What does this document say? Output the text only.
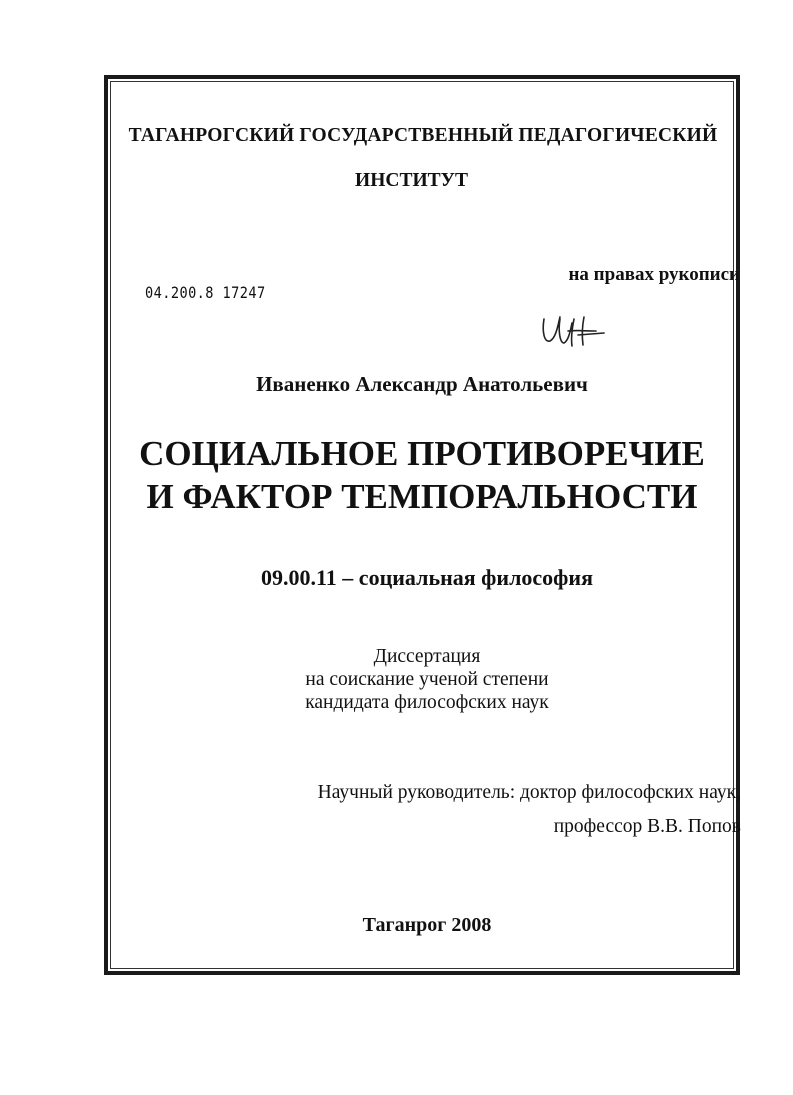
ТАГАНРОГСКИЙ ГОСУДАРСТВЕННЫЙ ПЕДАГОГИЧЕСКИЙ
ИНСТИТУТ
на правах рукописи
04.200.8 17247
Иваненко Александр Анатольевич
СОЦИАЛЬНОЕ ПРОТИВОРЕЧИЕ
И ФАКТОР ТЕМПОРАЛЬНОСТИ
09.00.11 – социальная философия
Диссертация
на соискание ученой степени
кандидата философских наук
Научный руководитель: доктор философских наук,
профессор В.В. Попов
Таганрог 2008
